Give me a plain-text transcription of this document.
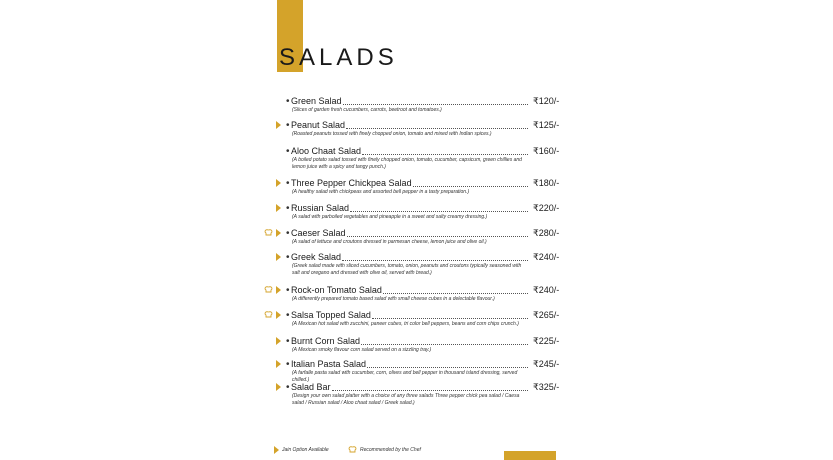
SALADS
• Green Salad	₹120/-
(Slices of garden fresh cucumbers, carrots, beetroot and tomatoes.)
• Peanut Salad	₹125/-
(Roasted peanuts tossed with finely chopped onion, tomato and mixed with Indian spices.)
• Aloo Chaat Salad	₹160/-
(A boiled potato salad tossed with finely chopped onion, tomato, cucumber, capsicum, green chillies and lemon juice with a spicy and tangy punch.)
• Three Pepper Chickpea Salad	₹180/-
(A healthy salad with chickpeas and assorted bell pepper in a tasty preparation.)
• Russian Salad	₹220/-
(A salad with parboiled vegetables and pineapple in a sweet and salty creamy dressing.)
• Caeser Salad	₹280/-
(A salad of lettuce and croutons dressed in parmesan cheese, lemon juice and olive oil.)
• Greek Salad	₹240/-
(Greek salad made with sliced cucumbers, tomato, onion, peanuts and croutons typically seasoned with salt and oregano and dressed with olive oil, served with bread.)
• Rock-on Tomato Salad	₹240/-
(A differently prepared tomato based salad with small cheese cubes in a delectable flavour.)
• Salsa Topped Salad	₹265/-
(A Mexican hot salad with zucchini, paneer cubes, tri color bell peppers, beans and corn chips crunch.)
• Burnt Corn Salad	₹225/-
(A Mexican smoky flavour corn salad served on a sizzling tray.)
• Italian Pasta Salad	₹245/-
(A farfalle pasta salad with cucumber, corn, olives and bell pepper in thousand island dressing, served chilled.)
• Salad Bar	₹325/-
(Design your own salad platter with a choice of any three salads Three pepper chick pea salad / Caesa salad / Russian salad / Aloo chaat salad / Greek salad.)
Jain Option Available	Recommended by the Chef
